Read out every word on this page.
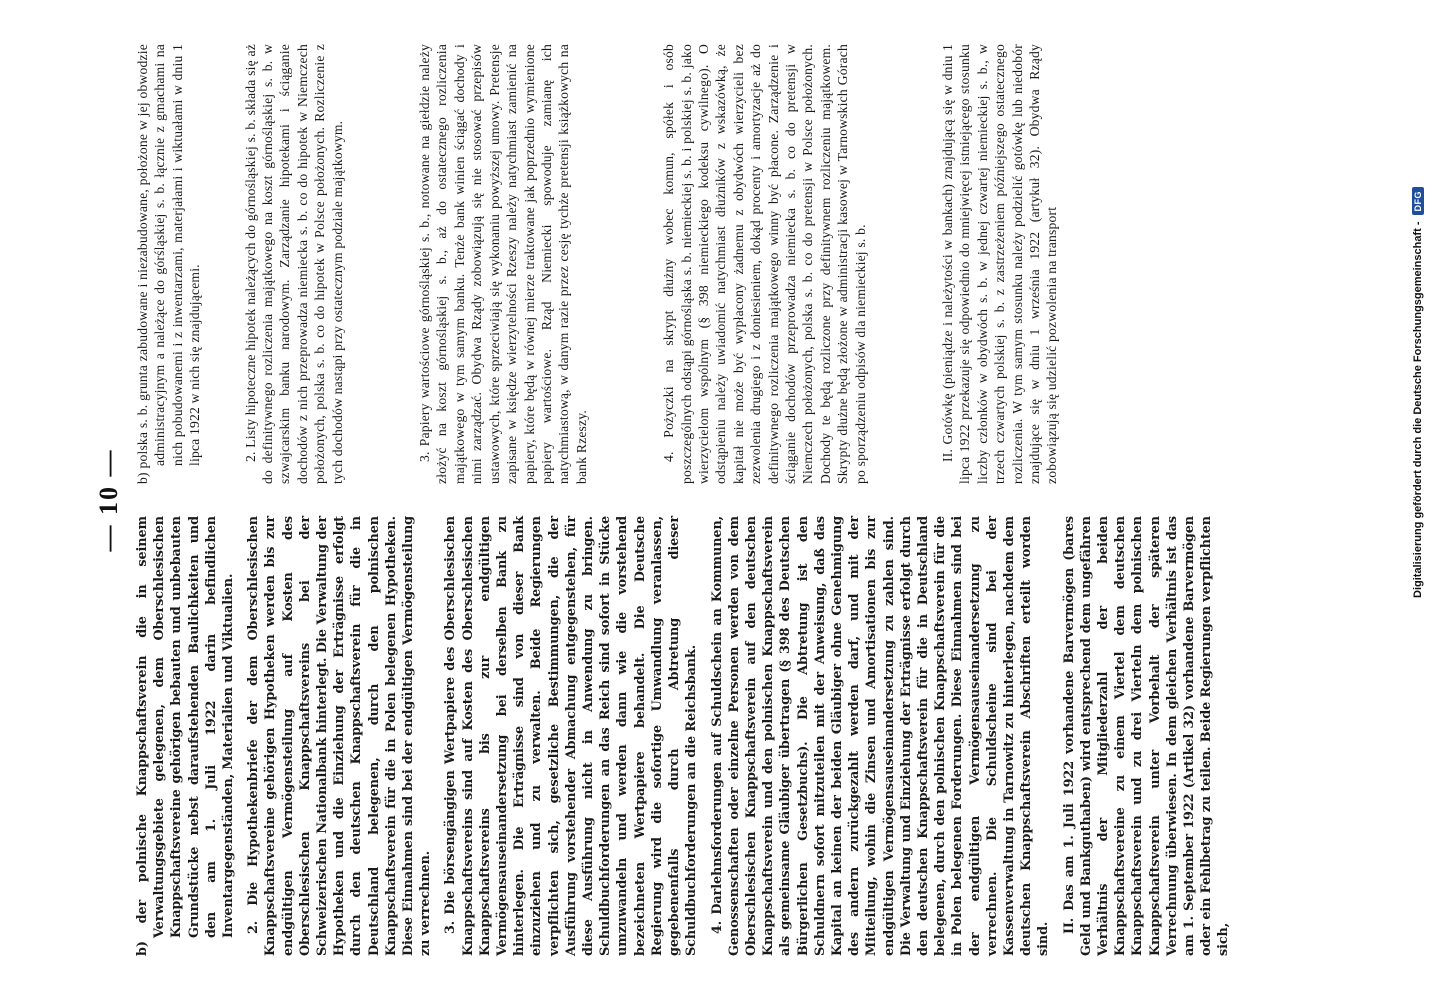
— 10 —

b) der polnische Knappschaftsverein die in seinem Verwaltungsgebiete gelegenen, dem Oberschlesischen Knappschaftsvereine gehörigen bebauten und unbebauten Grundstücke nebst daraufstehenden Baulichkeiten und den am 1. Juli 1922 darin befindlichen Inventargegenständen, Materialien und Viktualien. 2. Die Hypothekenbriefe der dem Oberschlesischen Knappschaftsvereine gehörigen Hypotheken werden bis zur endgültigen Vermögensteilung auf Kosten des Oberschlesischen Knappschaftsvereins bei der Schweizerischen Nationalbank hinterlegt. Die Verwaltung der Hypotheken und die Einziehung der Erträgnisse erfolgt durch den deutschen Knappschaftsverein für die in Deutschland belegenen, durch den polnischen Knappschaftsverein für die in Polen belegenen Hypotheken. Diese Einnahmen sind bei der endgültigen Vermögensteilung zu verrechnen. 3. Die börsengängigen Wertpapiere des Oberschlesischen Knappschaftsvereins sind auf Kosten des Oberschlesischen Knappschaftsvereins bis zur endgültigen Vermögensauseinandersetzung bei derselben Bank zu hinterlegen. Die Erträgnisse sind von dieser Bank einzuziehen und zu verwalten. Beide Regierungen verpflichten sich, gesetzliche Bestimmungen, die der Ausführung vorstehender Abmachung entgegenstehen, für diese Ausführung nicht in Anwendung zu bringen. Schuldbuchforderungen an das Reich sind sofort in Stücke umzuwandeln und werden dann wie die vorstehend bezeichneten Wertpapiere behandelt. Die Deutsche Regierung wird die sofortige Umwandlung veranlassen, gegebenenfalls durch Abtretung dieser Schuldbuchforderungen an die Reichsbank. 4. Darlehnsforderungen auf Schuldschein an Kommunen, Genossenschaften oder einzelne Personen werden von dem Oberschlesischen Knappschaftsverein auf den deutschen Knappschaftsverein und den polnischen Knappschaftsverein als gemeinsame Gläubiger übertragen (§ 398 des Deutschen Bürgerlichen Gesetzbuchs). Die Abtretung ist den Schuldnern sofort mitzuteilen mit der Anweisung, daß das Kapital an keinen der beiden Gläubiger ohne Genehmigung des andern zurückgezahlt werden darf, und mit der Mitteilung, wohin die Zinsen und Amortisationen bis zur endgültigen Vermögensauseinandersetzung zu zahlen sind. Die Verwaltung und Einziehung der Erträgnisse erfolgt durch den deutschen Knappschaftsverein für die in Deutschland belegenen, durch den polnischen Knappschaftsverein für die in Polen belegenen Forderungen. Diese Einnahmen sind bei der endgültigen Vermögensauseinandersetzung zu verrechnen. Die Schuldscheine sind bei der Kassenverwaltung in Tarnowitz zu hinterlegen, nachdem dem deutschen Knappschaftsverein Abschriften erteilt worden sind.

II. Das am 1. Juli 1922 vorhandene Barvermögen (bares Geld und Bankguthaben) wird entsprechend dem ungefähren Verhältnis der Mitgliederzahl der beiden Knappschaftsvereine zu einem Viertel dem deutschen Knappschaftsverein und zu drei Vierteln dem polnischen Knappschaftsverein unter Vorbehalt der späteren Verrechnung überwiesen. In dem gleichen Verhältnis ist das am 1. September 1922 (Artikel 32) vorhandene Barvermögen oder ein Fehlbetrag zu teilen. Beide Regierungen verpflichten sich,

b) polska s. b. grunta zabudowane i niezabudowane, położone w jej obwodzie administracyjnym a należące do górśląskiej s. b. łącznie z gmachami na nich pobudowanemi i z inwentarzami, materjałami i wiktuałami w dniu 1 lipca 1922 w nich się znajdującemi.	2. Listy hipoteczne hipotek należących do górnośląskiej s. b. składa się aż do definitywnego rozliczenia majątkowego na koszt górnośląskiej s. b. w szwajcarskim banku narodowym. Zarządzanie hipotekami i ściąganie dochodów z nich przeprowadza niemiecka s. b. co do hipotek w Niemczech położonych, polska s. b. co do hipotek w Polsce położonych. Rozliczenie z tych dochodów nastąpi przy ostatecznym podziale majątkowym.	3. Papiery wartościowe górnośląskiej s. b., notowane na giełdzie należy złożyć na koszt górnośląskiej s. b., aż do ostatecznego rozliczenia majątkowego w tym samym banku. Tenże bank winien ściągać dochody i nimi zarządzać. Obydwa Rządy zobowiązują się nie stosować przepisów ustawowych, które sprzeciwiają się wykonaniu powyższej umowy. Pretensje zapisane w księdze wierzytelności Rzeszy należy natychmiast zamienić na papiery, które będą w równej mierze traktowane jak poprzednio wymienione papiery wartościowe. Rząd Niemiecki spowoduje zamianę ich natychmiastową, w danym razie przez cesję tychże pretensji książkowych na bank Rzeszy.	4. Pożyczki na skrypt dłużny wobec komun, spółek i osób poszczególnych odstąpi górnośląska s. b. niemieckiej s. b. i polskiej s. b. jako wierzycielom wspólnym (§ 398 niemieckiego kodeksu cywilnego). O odstąpieniu należy uwiadomić natychmiast dłużników z wskazówką, że kapitał nie może być wypłacony żadnemu z obydwóch wierzycieli bez zezwolenia drugiego i z doniesieniem, dokąd procenty i amortyzacje aż do definitywnego rozliczenia majątkowego winny być płacone. Zarządzenie i ściąganie dochodów przeprowadza niemiecka s. b. co do pretensji w Niemczech położonych, polska s. b. co do pretensji w Polsce położonych. Dochody te będą rozliczone przy definitywnem rozliczeniu majątkowem. Skrypty dłużne będą złożone w administracji kasowej w Tarnowskich Górach po sporządzeniu odpisów dla niemieckiej s. b.	II. Gotówkę (pieniądze i należytości w bankach) znajdującą się w dniu 1 lipca 1922 przekazuje się odpowiednio do mniejwięcej istniejącego stosunku liczby członków w obydwóch s. b. w jednej czwartej niemieckiej s. b., w trzech czwartych polskiej s. b. z zastrzeżeniem późniejszego ostatecznego rozliczenia. W tym samym stosunku należy podzielić gotówkę lub niedobór znajdujące się w dniu 1 września 1922 (artykuł 32). Obydwa Rządy zobowiązują się udzielić pozwolenia na transport	Digitalisierung gefördert durch die Deutsche Forschungsgemeinschaft -
DFG
